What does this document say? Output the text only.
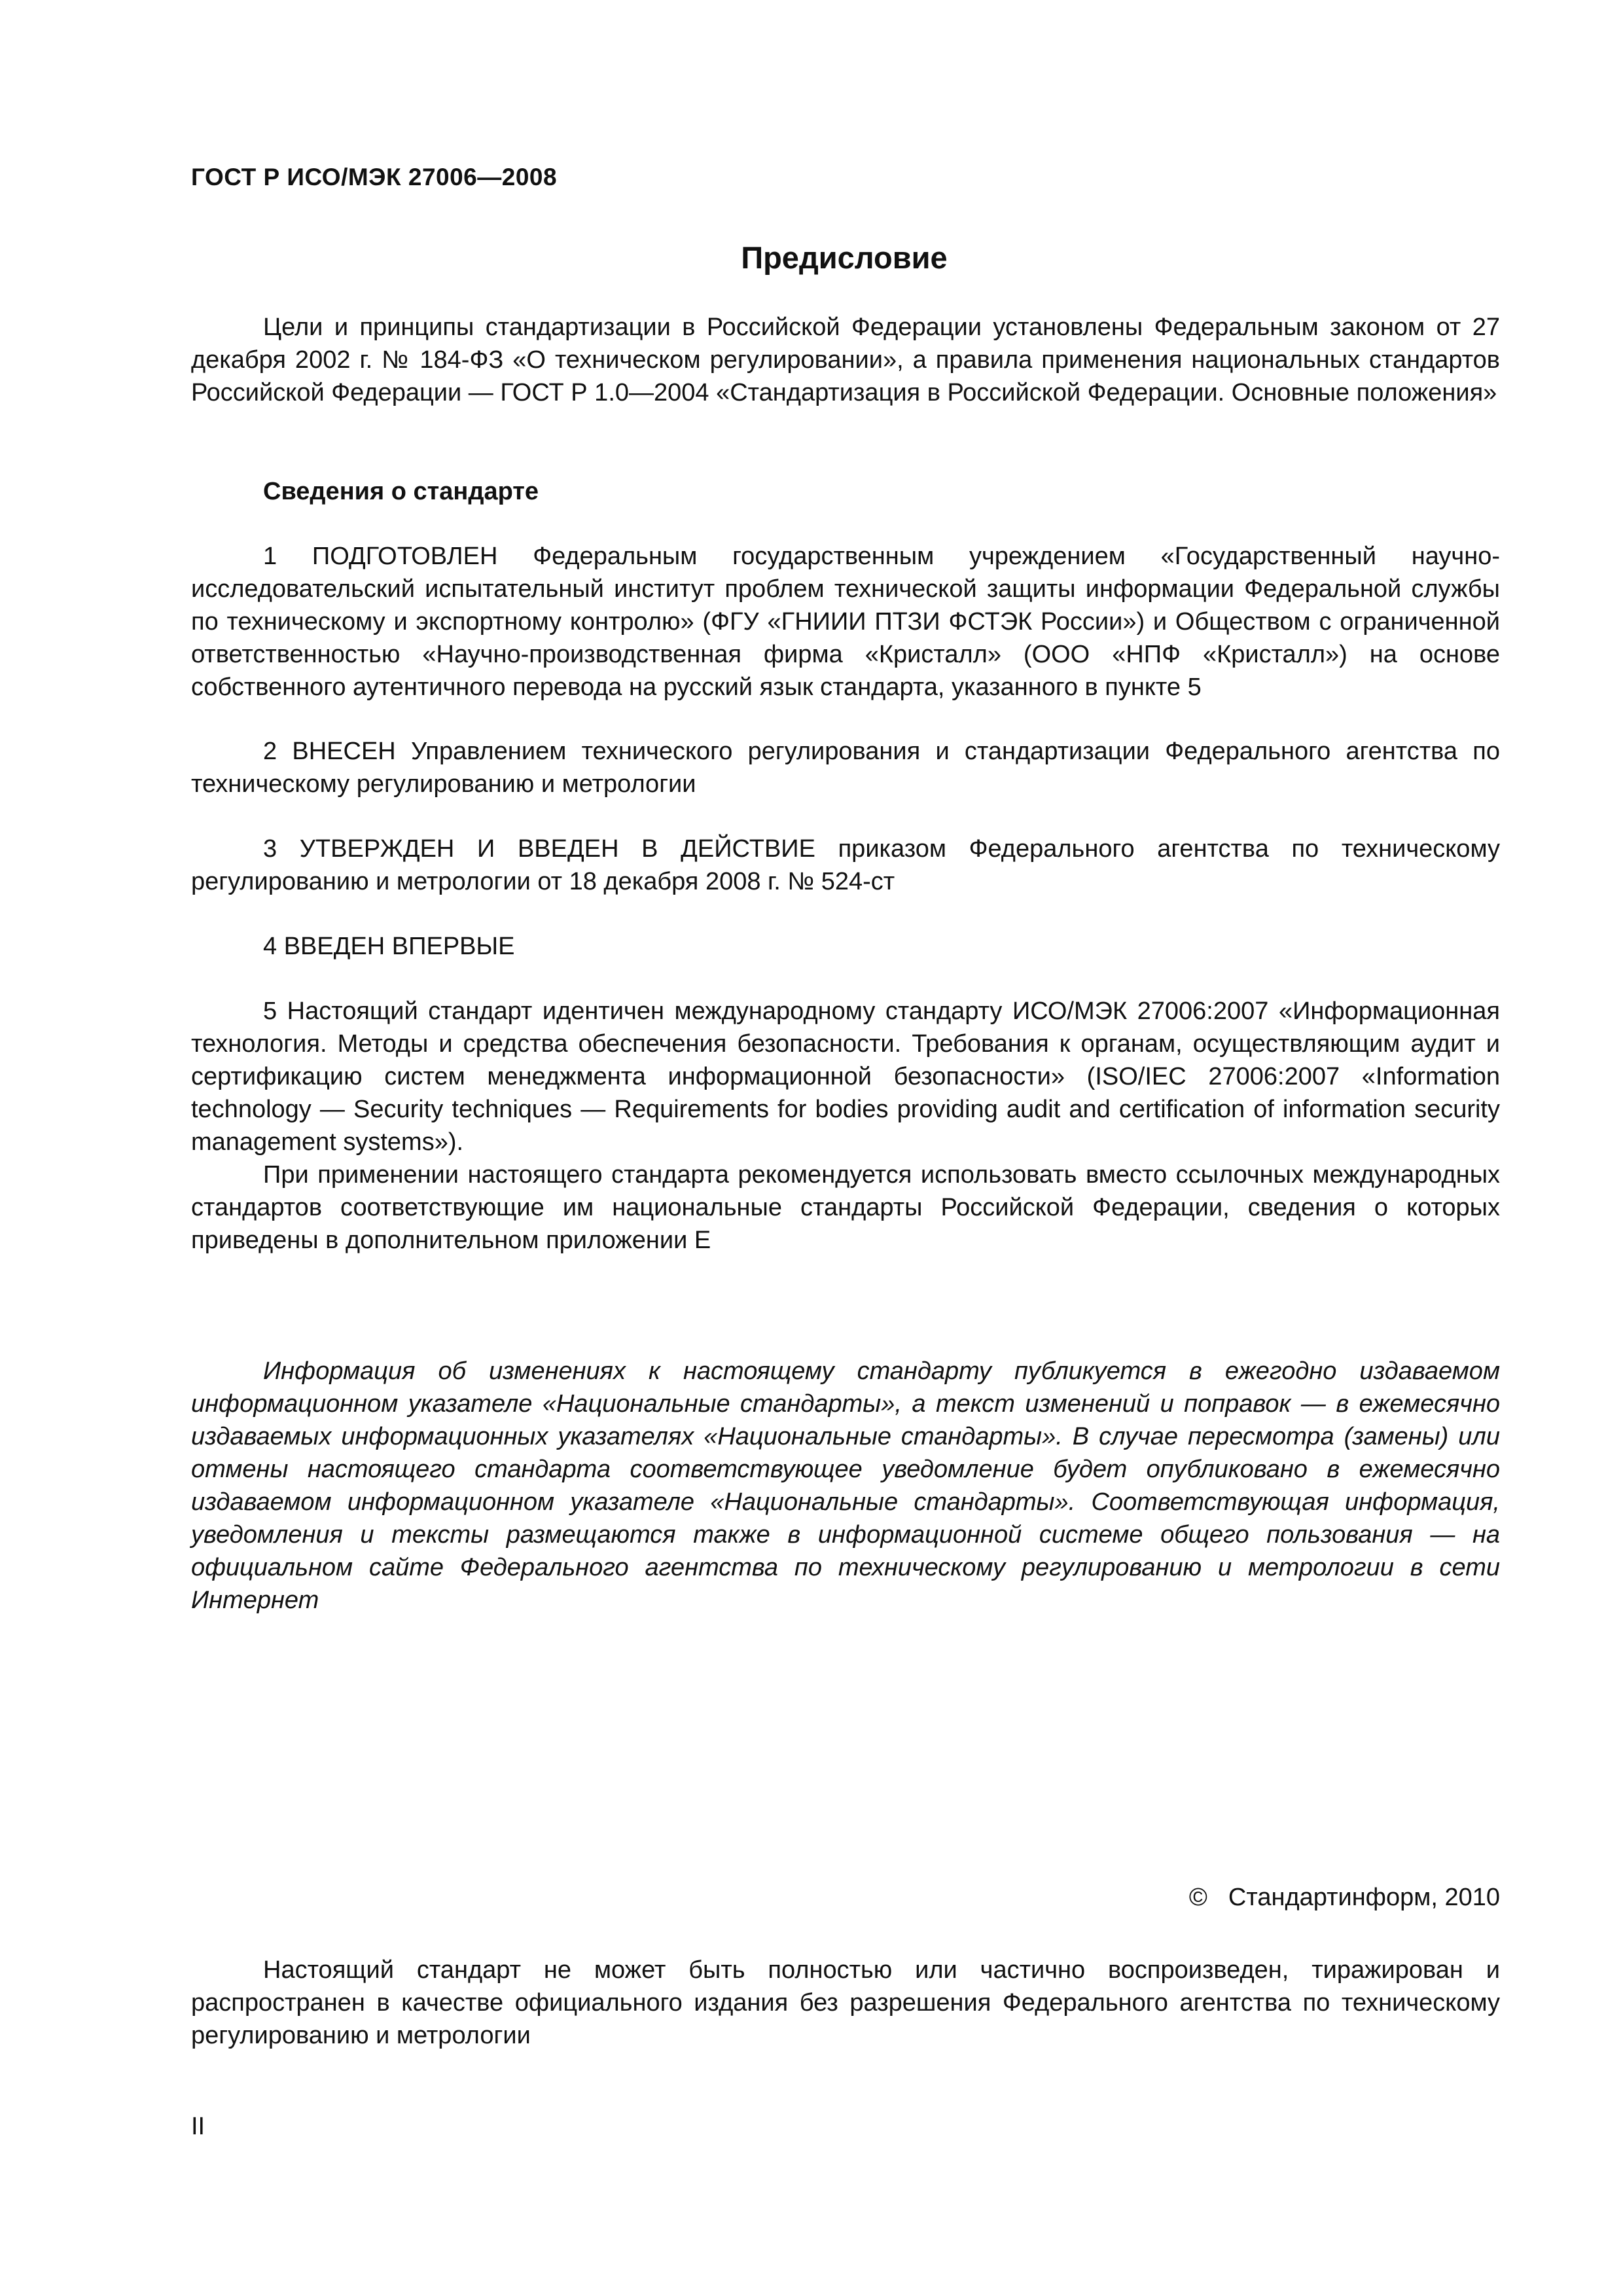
ГОСТ Р ИСО/МЭК 27006—2008
Предисловие

Цели и принципы стандартизации в Российской Федерации установлены Федеральным законом от 27 декабря 2002 г. № 184-ФЗ «О техническом регулировании», а правила применения национальных стандартов Российской Федерации — ГОСТ Р 1.0—2004 «Стандартизация в Российской Федерации. Основные положения»

Сведения о стандарте

1 ПОДГОТОВЛЕН Федеральным государственным учреждением «Государственный научно-исследовательский испытательный институт проблем технической защиты информации Федеральной службы по техническому и экспортному контролю» (ФГУ «ГНИИИ ПТЗИ ФСТЭК России») и Обществом с ограниченной ответственностью «Научно-производственная фирма «Кристалл» (ООО «НПФ «Кристалл») на основе собственного аутентичного перевода на русский язык стандарта, указанного в пункте 5

2 ВНЕСЕН Управлением технического регулирования и стандартизации Федерального агентства по техническому регулированию и метрологии

3 УТВЕРЖДЕН И ВВЕДЕН В ДЕЙСТВИЕ приказом Федерального агентства по техническому регулированию и метрологии от 18 декабря 2008 г. № 524-ст

4 ВВЕДЕН ВПЕРВЫЕ

5 Настоящий стандарт идентичен международному стандарту ИСО/МЭК 27006:2007 «Информационная технология. Методы и средства обеспечения безопасности. Требования к органам, осуществляющим аудит и сертификацию систем менеджмента информационной безопасности» (ISO/IEC 27006:2007 «Information technology — Security techniques — Requirements for bodies providing audit and certification of information security management systems»).

При применении настоящего стандарта рекомендуется использовать вместо ссылочных международных стандартов соответствующие им национальные стандарты Российской Федерации, сведения о которых приведены в дополнительном приложении Е

Информация об изменениях к настоящему стандарту публикуется в ежегодно издаваемом информационном указателе «Национальные стандарты», а текст изменений и поправок — в ежемесячно издаваемых информационных указателях «Национальные стандарты». В случае пересмотра (замены) или отмены настоящего стандарта соответствующее уведомление будет опубликовано в ежемесячно издаваемом информационном указателе «Национальные стандарты». Соответствующая информация, уведомления и тексты размещаются также в информационной системе общего пользования — на официальном сайте Федерального агентства по техническому регулированию и метрологии в сети Интернет

© Стандартинформ, 2010

Настоящий стандарт не может быть полностью или частично воспроизведен, тиражирован и распространен в качестве официального издания без разрешения Федерального агентства по техническому регулированию и метрологии

II
